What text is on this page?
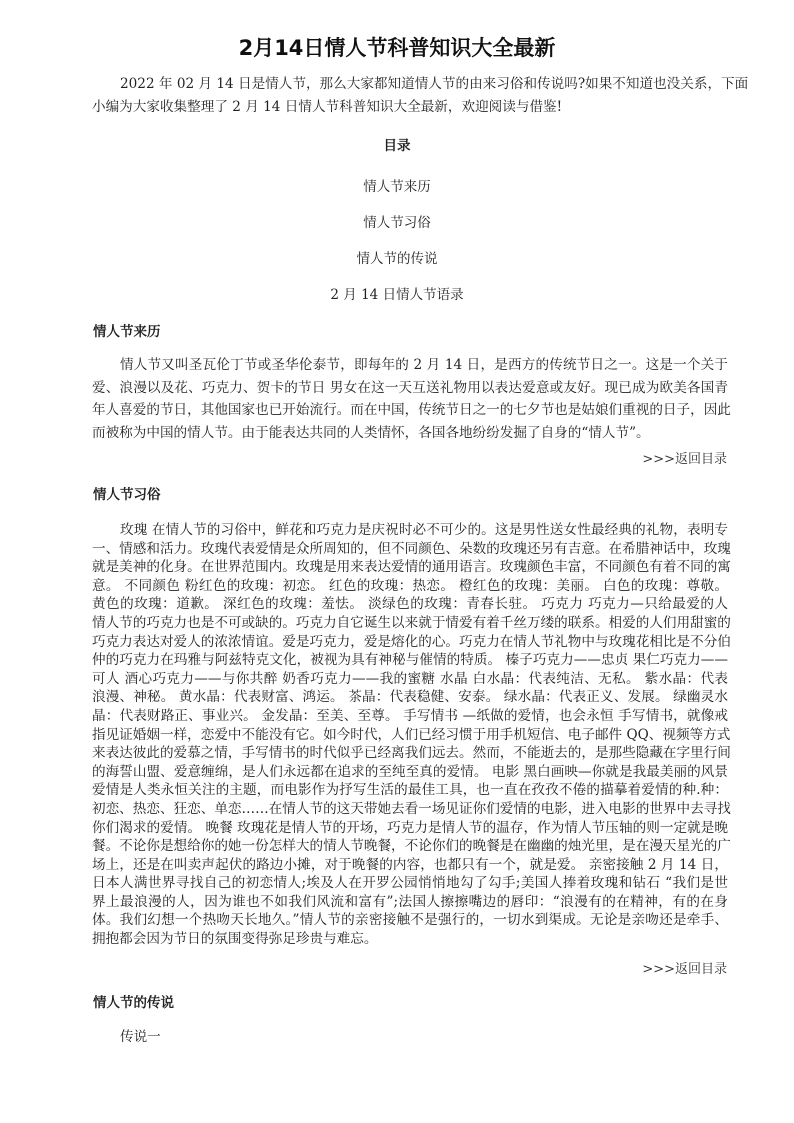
2月14日情人节科普知识大全最新
2022 年 02 月 14 日是情人节，那么大家都知道情人节的由来习俗和传说吗?如果不知道也没关系，下面
小编为大家收集整理了 2 月 14 日情人节科普知识大全最新，欢迎阅读与借鉴!
目录
情人节来历
情人节习俗
情人节的传说
2 月 14 日情人节语录
情人节来历
情人节又叫圣瓦伦丁节或圣华伦泰节，即每年的 2 月 14 日，是西方的传统节日之一。这是一个关于
爱、浪漫以及花、巧克力、贺卡的节日 男女在这一天互送礼物用以表达爱意或友好。现已成为欧美各国青
年人喜爱的节日，其他国家也已开始流行。而在中国，传统节日之一的七夕节也是姑娘们重视的日子，因此
而被称为中国的情人节。由于能表达共同的人类情怀，各国各地纷纷发掘了自身的“情人节”。
>>>返回目录
情人节习俗
玫瑰 在情人节的习俗中，鲜花和巧克力是庆祝时必不可少的。这是男性送女性最经典的礼物，表明专
一、情感和活力。玫瑰代表爱情是众所周知的，但不同颜色、朵数的玫瑰还另有吉意。在希腊神话中，玫瑰
就是美神的化身。在世界范围内。玫瑰是用来表达爱情的通用语言。玫瑰颜色丰富，不同颜色有着不同的寓
意。 不同颜色 粉红色的玫瑰：初恋。 红色的玫瑰：热恋。 橙红色的玫瑰：美丽。 白色的玫瑰：尊敬。
黄色的玫瑰：道歉。 深红色的玫瑰：羞怯。 淡绿色的玫瑰：青春长驻。 巧克力 巧克力—只给最爱的人
情人节的巧克力也是不可或缺的。巧克力自它诞生以来就于情爱有着千丝万缕的联系。相爱的人们用甜蜜的
巧克力表达对爱人的浓浓情谊。爱是巧克力，爱是熔化的心。巧克力在情人节礼物中与玫瑰花相比是不分伯
仲的巧克力在玛雅与阿兹特克文化，被视为具有神秘与催情的特质。 榛子巧克力——忠贞 果仁巧克力——
可人 酒心巧克力——与你共醉 奶香巧克力——我的蜜糖 水晶 白水晶：代表纯洁、无私。 紫水晶：代表
浪漫、神秘。 黄水晶：代表财富、鸿运。 茶晶：代表稳健、安泰。 绿水晶：代表正义、发展。 绿幽灵水
晶：代表财路正、事业兴。 金发晶：至美、至尊。 手写情书 —纸做的爱情，也会永恒 手写情书，就像戒
指见证婚姻一样，恋爱中不能没有它。如今时代，人们已经习惯于用手机短信、电子邮件 QQ、视频等方式
来表达彼此的爱慕之情，手写情书的时代似乎已经离我们远去。然而，不能逝去的，是那些隐藏在字里行间
的海誓山盟、爱意缠绵，是人们永远都在追求的至纯至真的爱情。 电影 黑白画映—你就是我最美丽的风景
爱情是人类永恒关注的主题，而电影作为抒写生活的最佳工具，也一直在孜孜不倦的描摹着爱情的种.种：
初恋、热恋、狂恋、单恋……在情人节的这天带她去看一场见证你们爱情的电影，进入电影的世界中去寻找
你们渴求的爱情。 晚餐 玫瑰花是情人节的开场，巧克力是情人节的温存，作为情人节压轴的则一定就是晚
餐。不论你是想给你的她一份怎样大的情人节晚餐，不论你们的晚餐是在幽幽的烛光里，是在漫天星光的广
场上，还是在叫卖声起伏的路边小摊，对于晚餐的内容，也都只有一个，就是爱。 亲密接触 2 月 14 日，
日本人满世界寻找自己的初恋情人;埃及人在开罗公园悄悄地勾了勾手;美国人捧着玫瑰和钻石 “我们是世
界上最浪漫的人，因为谁也不如我们风流和富有”;法国人擦擦嘴边的唇印：“浪漫有的在精神，有的在身
体。我们幻想一个热吻天长地久。”情人节的亲密接触不是强行的，一切水到渠成。无论是亲吻还是牵手、
拥抱都会因为节日的氛围变得弥足珍贵与难忘。
>>>返回目录
情人节的传说
传说一
